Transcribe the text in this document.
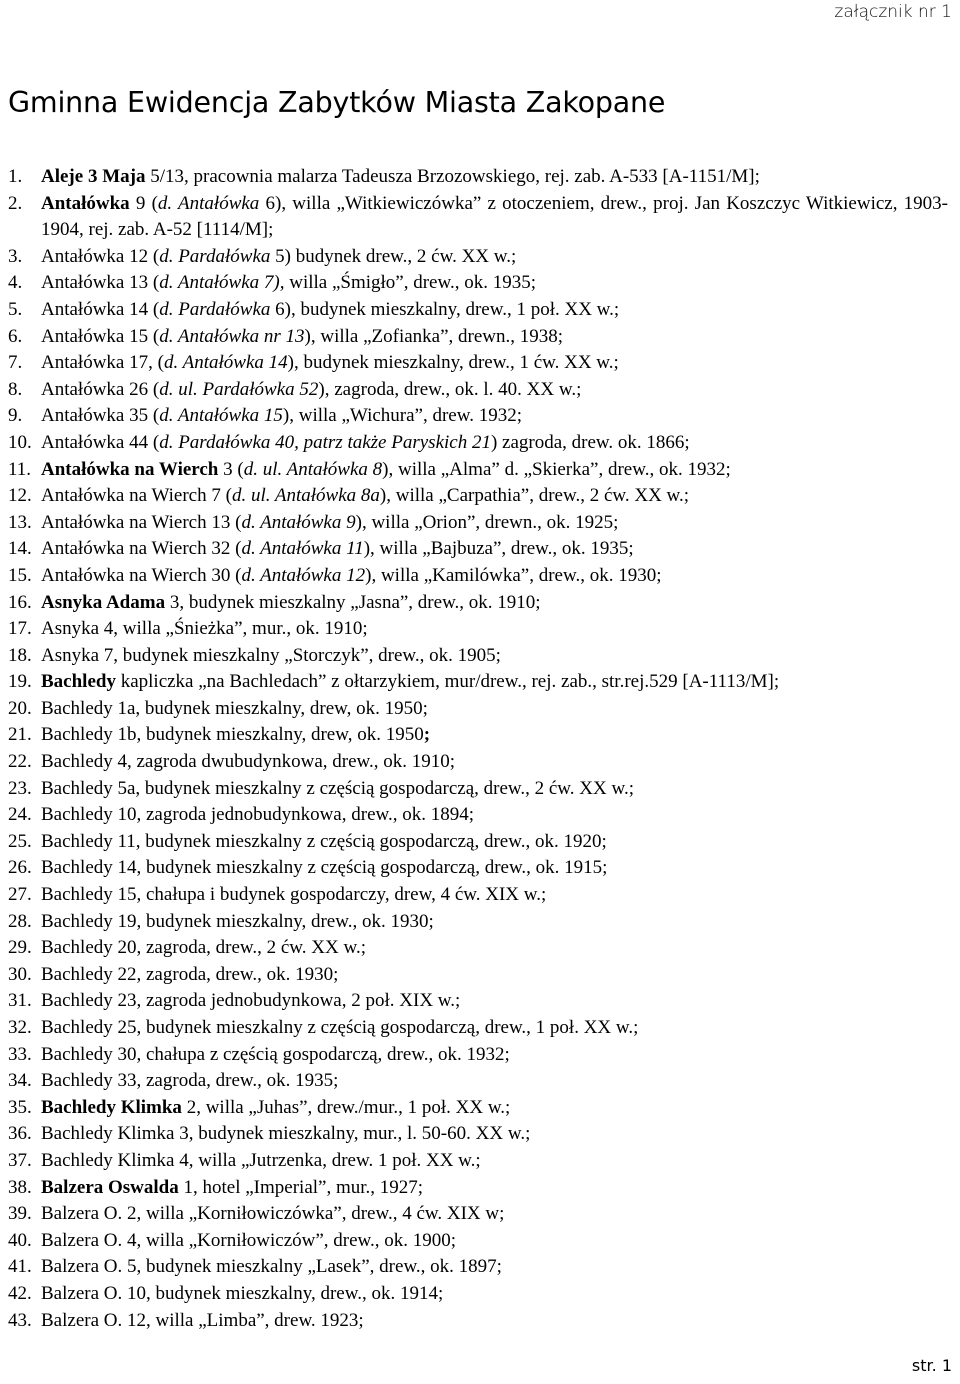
załącznik nr 1
Gminna Ewidencja Zabytków Miasta Zakopane
1. Aleje 3 Maja 5/13, pracownia malarza Tadeusza Brzozowskiego, rej. zab. A-533 [A-1151/M];
2. Antałówka 9 (d. Antałówka 6), willa „Witkiewiczówka” z otoczeniem, drew., proj. Jan Koszczyc Witkiewicz, 1903-1904, rej. zab. A-52 [1114/M];
3. Antałówka 12 (d. Pardałówka 5) budynek drew., 2 ćw. XX w.;
4. Antałówka 13 (d. Antałówka 7), willa „Śmigło”, drew., ok. 1935;
5. Antałówka 14 (d. Pardałówka 6), budynek mieszkalny, drew., 1 poł. XX w.;
6. Antałówka 15 (d. Antałówka nr 13), willa „Zofianka”, drewn., 1938;
7. Antałówka 17, (d. Antałówka 14), budynek mieszkalny, drew., 1 ćw. XX w.;
8. Antałówka 26 (d. ul. Pardałówka 52), zagroda, drew., ok. l. 40. XX w.;
9. Antałówka 35 (d. Antałówka 15), willa „Wichura”, drew. 1932;
10. Antałówka 44 (d. Pardałówka 40, patrz także Paryskich 21) zagroda, drew. ok. 1866;
11. Antałówka na Wierch 3 (d. ul. Antałówka 8), willa „Alma” d. „Skierka”, drew., ok. 1932;
12. Antałówka na Wierch 7 (d. ul. Antałówka 8a), willa „Carpathia”, drew., 2 ćw. XX w.;
13. Antałówka na Wierch 13 (d. Antałówka 9), willa „Orion”, drewn., ok. 1925;
14. Antałówka na Wierch 32 (d. Antałówka 11), willa „Bajbuza”, drew., ok. 1935;
15. Antałówka na Wierch 30 (d. Antałówka 12), willa „Kamilówka”, drew., ok. 1930;
16. Asnyka Adama 3, budynek mieszkalny „Jasna”, drew., ok. 1910;
17. Asnyka 4, willa „Śnieżka”, mur., ok. 1910;
18. Asnyka 7, budynek mieszkalny „Storczyk”, drew., ok. 1905;
19. Bachledy kapliczka „na Bachledach” z ołtarzykiem, mur/drew., rej. zab., str.rej.529 [A-1113/M];
20. Bachledy 1a, budynek mieszkalny, drew, ok. 1950;
21. Bachledy 1b, budynek mieszkalny, drew, ok. 1950;
22. Bachledy 4, zagroda dwubudynkowa, drew., ok. 1910;
23. Bachledy 5a, budynek mieszkalny z częścią gospodarczą, drew., 2 ćw. XX w.;
24. Bachledy 10, zagroda jednobudynkowa, drew., ok. 1894;
25. Bachledy 11, budynek mieszkalny z częścią gospodarczą, drew., ok. 1920;
26. Bachledy 14, budynek mieszkalny z częścią gospodarczą, drew., ok. 1915;
27. Bachledy 15, chałupa i budynek gospodarczy, drew, 4 ćw. XIX w.;
28. Bachledy 19, budynek mieszkalny, drew., ok. 1930;
29. Bachledy 20, zagroda, drew., 2 ćw. XX w.;
30. Bachledy 22, zagroda, drew., ok. 1930;
31. Bachledy 23, zagroda jednobudynkowa, 2 poł. XIX w.;
32. Bachledy 25, budynek mieszkalny z częścią gospodarczą, drew., 1 poł. XX w.;
33. Bachledy 30, chałupa z częścią gospodarczą, drew., ok. 1932;
34. Bachledy 33, zagroda, drew., ok. 1935;
35. Bachledy Klimka 2, willa „Juhas”, drew./mur., 1 poł. XX w.;
36. Bachledy Klimka 3, budynek mieszkalny, mur., l. 50-60. XX w.;
37. Bachledy Klimka 4, willa „Jutrzenka, drew. 1 poł. XX w.;
38. Balzera Oswalda 1, hotel „Imperial”, mur., 1927;
39. Balzera O. 2, willa „Korniłowiczówka”, drew., 4 ćw. XIX w;
40. Balzera O. 4, willa „Korniłowiczów”, drew., ok. 1900;
41. Balzera O. 5, budynek mieszkalny „Lasek”, drew., ok. 1897;
42. Balzera O. 10, budynek mieszkalny, drew., ok. 1914;
43. Balzera O. 12, willa „Limba”, drew. 1923;
str. 1
